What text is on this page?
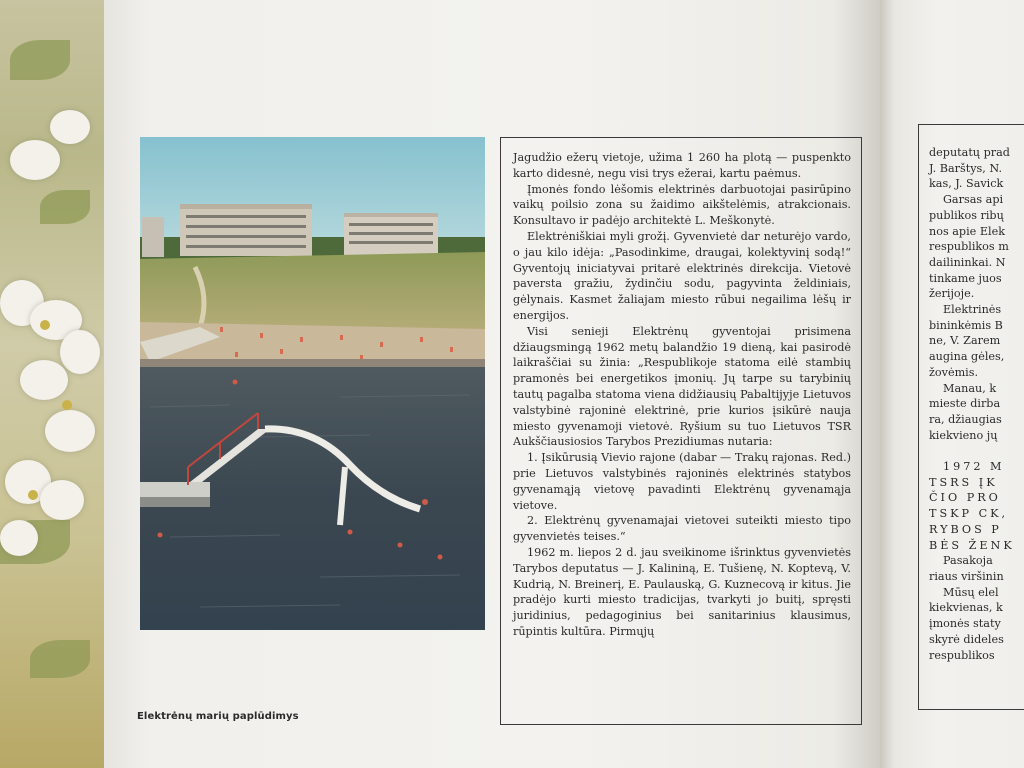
Elektrėnų marių paplūdimys

Jagudžio ežerų vietoje, užima 1 260 ha plotą — puspenkto karto didesnė, negu visi trys ežerai, kartu paėmus.

Įmonės fondo lėšomis elektrinės darbuotojai pasirūpino vaikų poilsio zona su žaidimo aikštelėmis, atrakcionais. Konsultavo ir padėjo architektė L. Meškonytė.

Elektrėniškiai myli grožį. Gyvenvietė dar neturėjo vardo, o jau kilo idėja: „Pasodinkime, draugai, kolektyvinį sodą!“ Gyventojų iniciatyvai pritarė elektrinės direkcija. Vietovė paversta gražiu, žydinčiu sodu, pagyvinta želdiniais, gėlynais. Kasmet žaliajam miesto rūbui negailima lėšų ir energijos.

Visi senieji Elektrėnų gyventojai prisimena džiaugsmingą 1962 metų balandžio 19 dieną, kai pasirodė laikraščiai su žinia: „Respublikoje statoma eilė stambių pramonės bei energetikos įmonių. Jų tarpe su tarybinių tautų pagalba statoma viena didžiausių Pabaltijyje Lietuvos valstybinė rajoninė elektrinė, prie kurios įsikūrė nauja miesto gyvenamoji vietovė. Ryšium su tuo Lietuvos TSR Aukščiausiosios Tarybos Prezidiumas nutaria:

1. Įsikūrusią Vievio rajone (dabar — Trakų rajonas. Red.) prie Lietuvos valstybinės rajoninės elektrinės statybos gyvenamąją vietovę pavadinti Elektrėnų gyvenamąja vietove.

2. Elektrėnų gyvenamajai vietovei suteikti miesto tipo gyvenvietės teises.“

1962 m. liepos 2 d. jau sveikinome išrinktus gyvenvietės Tarybos deputatus — J. Kalininą, E. Tušienę, N. Koptevą, V. Kudrią, N. Breinerį, E. Paulauską, G. Kuznecovą ir kitus. Jie pradėjo kurti miesto tradicijas, tvarkyti jo buitį, spręsti juridinius, pedagoginius bei sanitarinius klausimus, rūpintis kultūra. Pirmųjų

deputatų prad
J. Barštys, N.
kas, J. Savick
Garsas api
publikos ribų
nos apie Elek
respublikos m
dailininkai. N
tinkame juos
žerijoje.
Elektrinės
bininkėmis B
ne, V. Zarem
augina gėles,
žovėmis.
Manau, k
mieste dirba
ra, džiaugias
kiekvieno jų

1972 M
TSRS ĮK
ČIO PRO
TSKP CK,
RYBOS P
BĖS ŽENK
Pasakoja
riaus viršinin
Mūsų elel
kiekvienas, k
įmonės staty
skyrė dideles
respublikos
